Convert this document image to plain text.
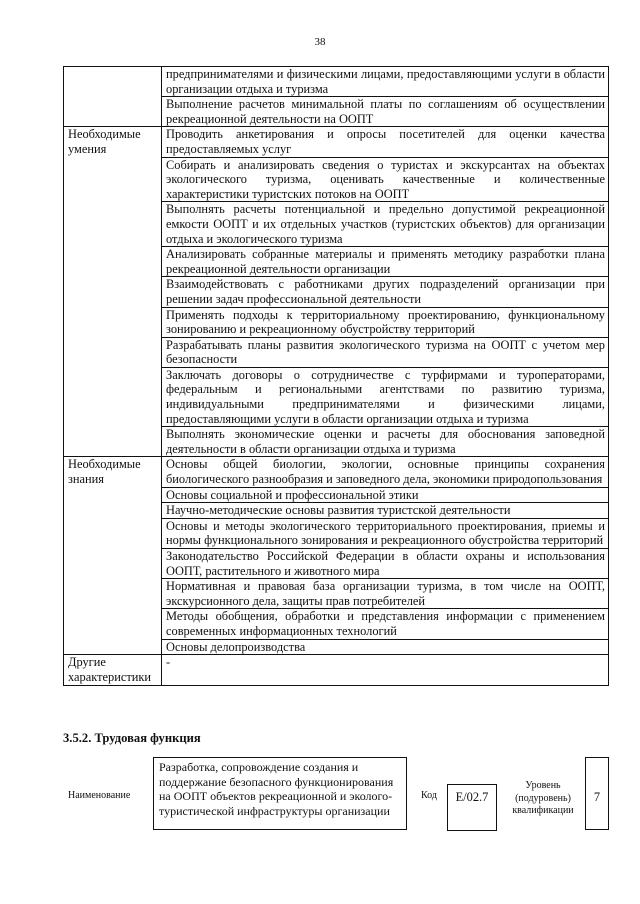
38
	предпринимателями и физическими лицами, предоставляющими услуги в области организации отдыха и туризма
	Выполнение расчетов минимальной платы по соглашениям об осуществлении рекреационной деятельности на ООПТ
Необходимые умения	Проводить анкетирования и опросы посетителей для оценки качества предоставляемых услуг
	Собирать и анализировать сведения о туристах и экскурсантах на объектах экологического туризма, оценивать качественные и количественные характеристики туристских потоков на ООПТ
	Выполнять расчеты потенциальной и предельно допустимой рекреационной емкости ООПТ и их отдельных участков (туристских объектов) для организации отдыха и экологического туризма
	Анализировать собранные материалы и применять методику разработки плана рекреационной деятельности организации
	Взаимодействовать с работниками других подразделений организации при решении задач профессиональной деятельности
	Применять подходы к территориальному проектированию, функциональному зонированию и рекреационному обустройству территорий
	Разрабатывать планы развития экологического туризма на ООПТ с учетом мер безопасности
	Заключать договоры о сотрудничестве с турфирмами и туроператорами, федеральным и региональными агентствами по развитию туризма, индивидуальными предпринимателями и физическими лицами, предоставляющими услуги в области организации отдыха и туризма
	Выполнять экономические оценки и расчеты для обоснования заповедной деятельности в области организации отдыха и туризма
Необходимые знания	Основы общей биологии, экологии, основные принципы сохранения биологического разнообразия и заповедного дела, экономики природопользования
	Основы социальной и профессиональной этики
	Научно-методические основы развития туристской деятельности
	Основы и методы экологического территориального проектирования, приемы и нормы функционального зонирования и рекреационного обустройства территорий
	Законодательство Российской Федерации в области охраны и использования ООПТ, растительного и животного мира
	Нормативная и правовая база организации туризма, в том числе на ООПТ, экскурсионного дела, защиты прав потребителей
	Методы обобщения, обработки и представления информации с применением современных информационных технологий
	Основы делопроизводства
Другие характеристики	-
3.5.2. Трудовая функция
Наименование
Разработка, сопровождение создания и поддержание безопасного функционирования на ООПТ объектов рекреационной и эколого-туристической инфраструктуры организации
Код	E/02.7
Уровень (подуровень) квалификации
7
